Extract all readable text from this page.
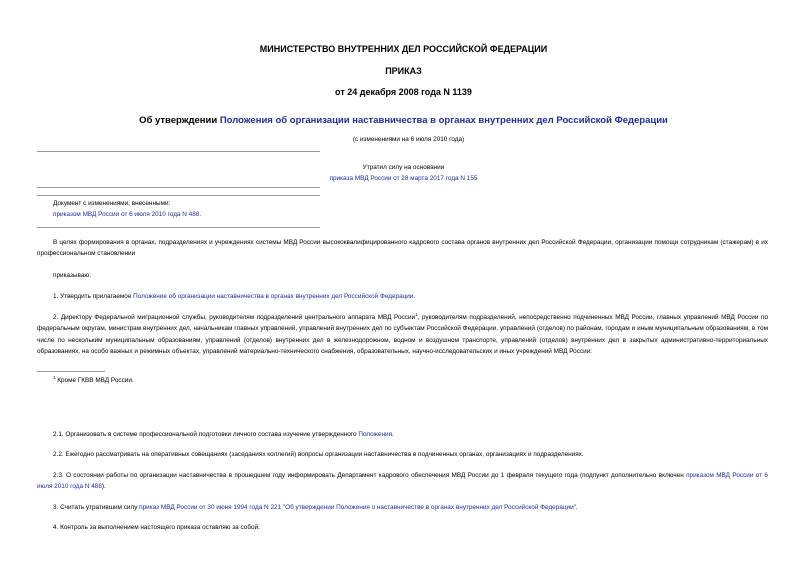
МИНИСТЕРСТВО ВНУТРЕННИХ ДЕЛ РОССИЙСКОЙ ФЕДЕРАЦИИ
ПРИКАЗ
от 24 декабря 2008 года N 1139
Об утверждении Положения об организации наставничества в органах внутренних дел Российской Федерации
(с изменениями на 6 июля 2010 года)
Утратил силу на основании
приказа МВД России от 28 марта 2017 года N 155
Документ с изменениями, внесенными:
приказом МВД России от 6 июля 2010 года N 488.
В целях формирования в органах, подразделениях и учреждениях системы МВД России высококвалифицированного кадрового состава органов внутренних дел Российской Федерации, организации помощи сотрудникам (стажерам) в их профессиональном становлении
приказываю:
1. Утвердить прилагаемое Положение об организации наставничества в органах внутренних дел Российской Федерации.
2. Директору Федеральной миграционной службы, руководителям подразделений центрального аппарата МВД России$^1$, руководителям подразделений, непосредственно подчиненных МВД России, главных управлений МВД России по федеральным округам, министрам внутренних дел, начальникам главных управлений, управлений внутренних дел по субъектам Российской Федерации, управлений (отделов) по районам, городам и иным муниципальным образованиям, в том числе по нескольким муниципальным образованиям, управлений (отделов) внутренних дел в железнодорожном, водном и воздушном транспорте, управлений (отделов) внутренних дел в закрытых административно-территориальных образованиях, на особо важных и режимных объектах, управлений материально-технического снабжения, образовательных, научно-исследовательских и иных учреждений МВД России:
$^1$ Кроме ГКВВ МВД России.
2.1. Организовать в системе профессиональной подготовки личного состава изучение утвержденного Положения.
2.2. Ежегодно рассматривать на оперативных совещаниях (заседаниях коллегий) вопросы организации наставничества в подчиненных органах, организациях и подразделениях.
2.3. О состоянии работы по организации наставничества в прошедшем году информировать Департамент кадрового обеспечения МВД России до 1 февраля текущего года (подпункт дополнительно включен приказом МВД России от 6 июля 2010 года N 488).
3. Считать утратившим силу приказ МВД России от 30 июня 1994 года N 221 "Об утверждении Положения о наставничестве в органах внутренних дел Российской Федерации".
4. Контроль за выполнением настоящего приказа оставляю за собой.
